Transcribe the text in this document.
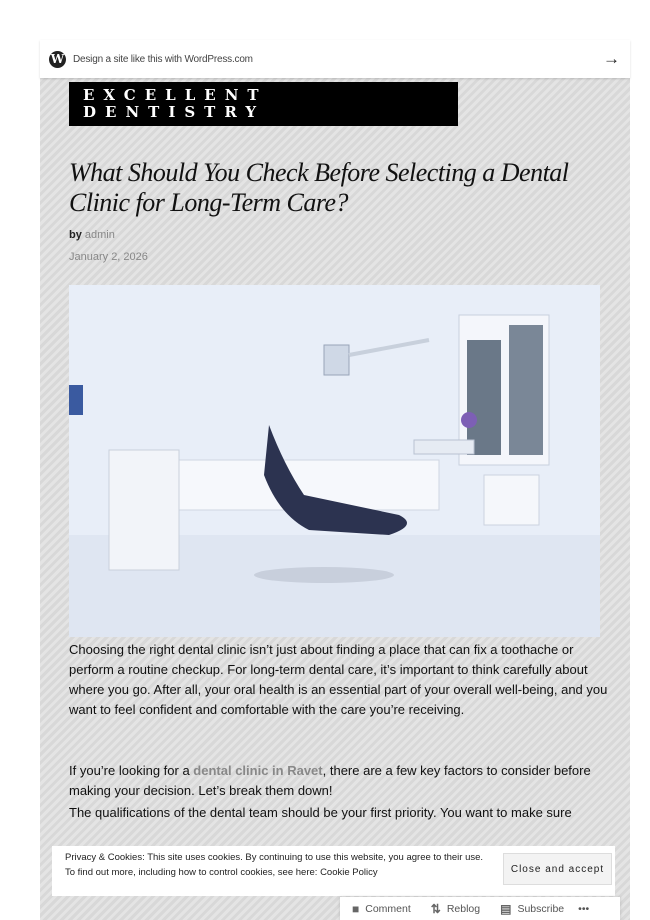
W Design a site like this with WordPress.com	→
EXCELLENT
DENTISTRY
What Should You Check Before Selecting a Dental Clinic for Long-Term Care?
by admin
January 2, 2026
Choosing the right dental clinic isn’t just about finding a place that can fix a toothache or perform a routine checkup. For long-term dental care, it’s important to think carefully about where you go. After all, your oral health is an essential part of your overall well-being, and you want to feel confident and comfortable with the care you’re receiving.
If you’re looking for a dental clinic in Ravet, there are a few key factors to consider before making your decision. Let’s break them down!
The qualifications of the dental team should be your first priority. You want to make sure
Privacy & Cookies: This site uses cookies. By continuing to use this website, you agree to their use.
To find out more, including how to control cookies, see here: Cookie Policy	Close and accept
■ Comment ⇅ Reblog ▤ Subscribe •••
